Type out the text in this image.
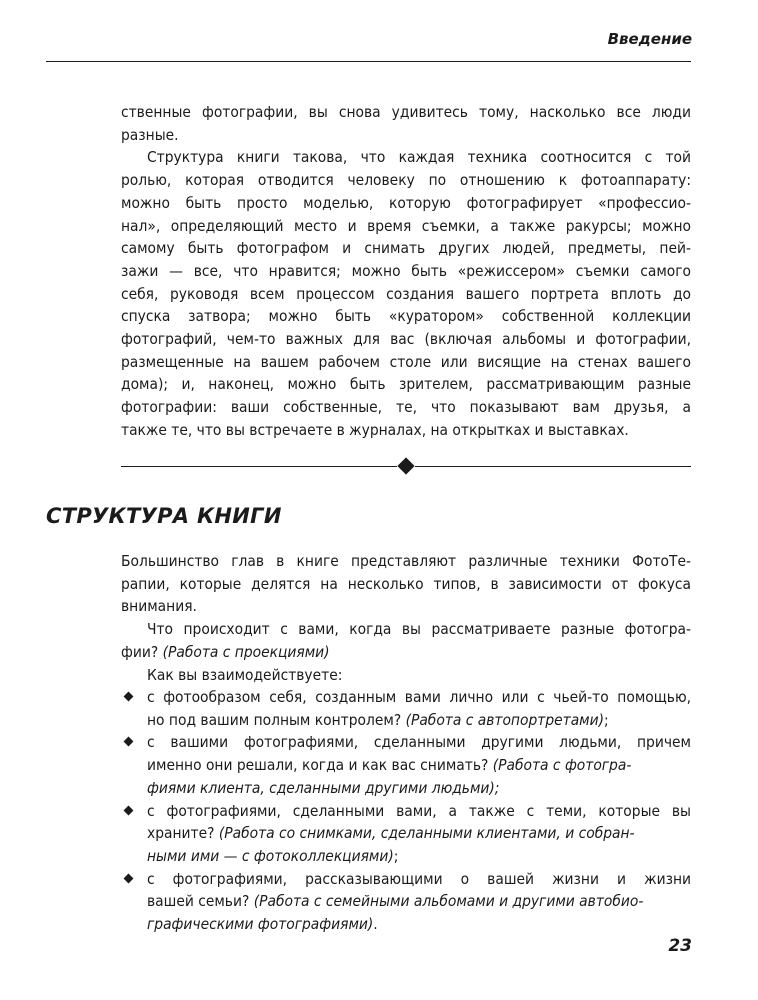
Введение
ственные фотографии, вы снова удивитесь тому, насколько все люди
разные.
Структура книги такова, что каждая техника соотносится с той
ролью, которая отводится человеку по отношению к фотоаппарату:
можно быть просто моделью, которую фотографирует «профессио-
нал», определяющий место и время съемки, а также ракурсы; можно
самому быть фотографом и снимать других людей, предметы, пей-
зажи — все, что нравится; можно быть «режиссером» съемки самого
себя, руководя всем процессом создания вашего портрета вплоть до
спуска затвора; можно быть «куратором» собственной коллекции
фотографий, чем-то важных для вас (включая альбомы и фотографии,
размещенные на вашем рабочем столе или висящие на стенах вашего
дома); и, наконец, можно быть зрителем, рассматривающим разные
фотографии: ваши собственные, те, что показывают вам друзья, а
также те, что вы встречаете в журналах, на открытках и выставках.
СТРУКТУРА КНИГИ
Большинство глав в книге представляют различные техники ФотоТе-
рапии, которые делятся на несколько типов, в зависимости от фокуса
внимания.
Что происходит с вами, когда вы рассматриваете разные фотогра-
фии? (Работа с проекциями)
Как вы взаимодействуете:
с фотообразом себя, созданным вами лично или с чьей-то помощью,
но под вашим полным контролем? (Работа с автопортретами);
с вашими фотографиями, сделанными другими людьми, причем
именно они решали, когда и как вас снимать? (Работа с фотогра-
фиями клиента, сделанными другими людьми);
с фотографиями, сделанными вами, а также с теми, которые вы
храните? (Работа со снимками, сделанными клиентами, и собран-
ными ими — с фотоколлекциями);
с фотографиями, рассказывающими о вашей жизни и жизни
вашей семьи? (Работа с семейными альбомами и другими автобио-
графическими фотографиями).
23
